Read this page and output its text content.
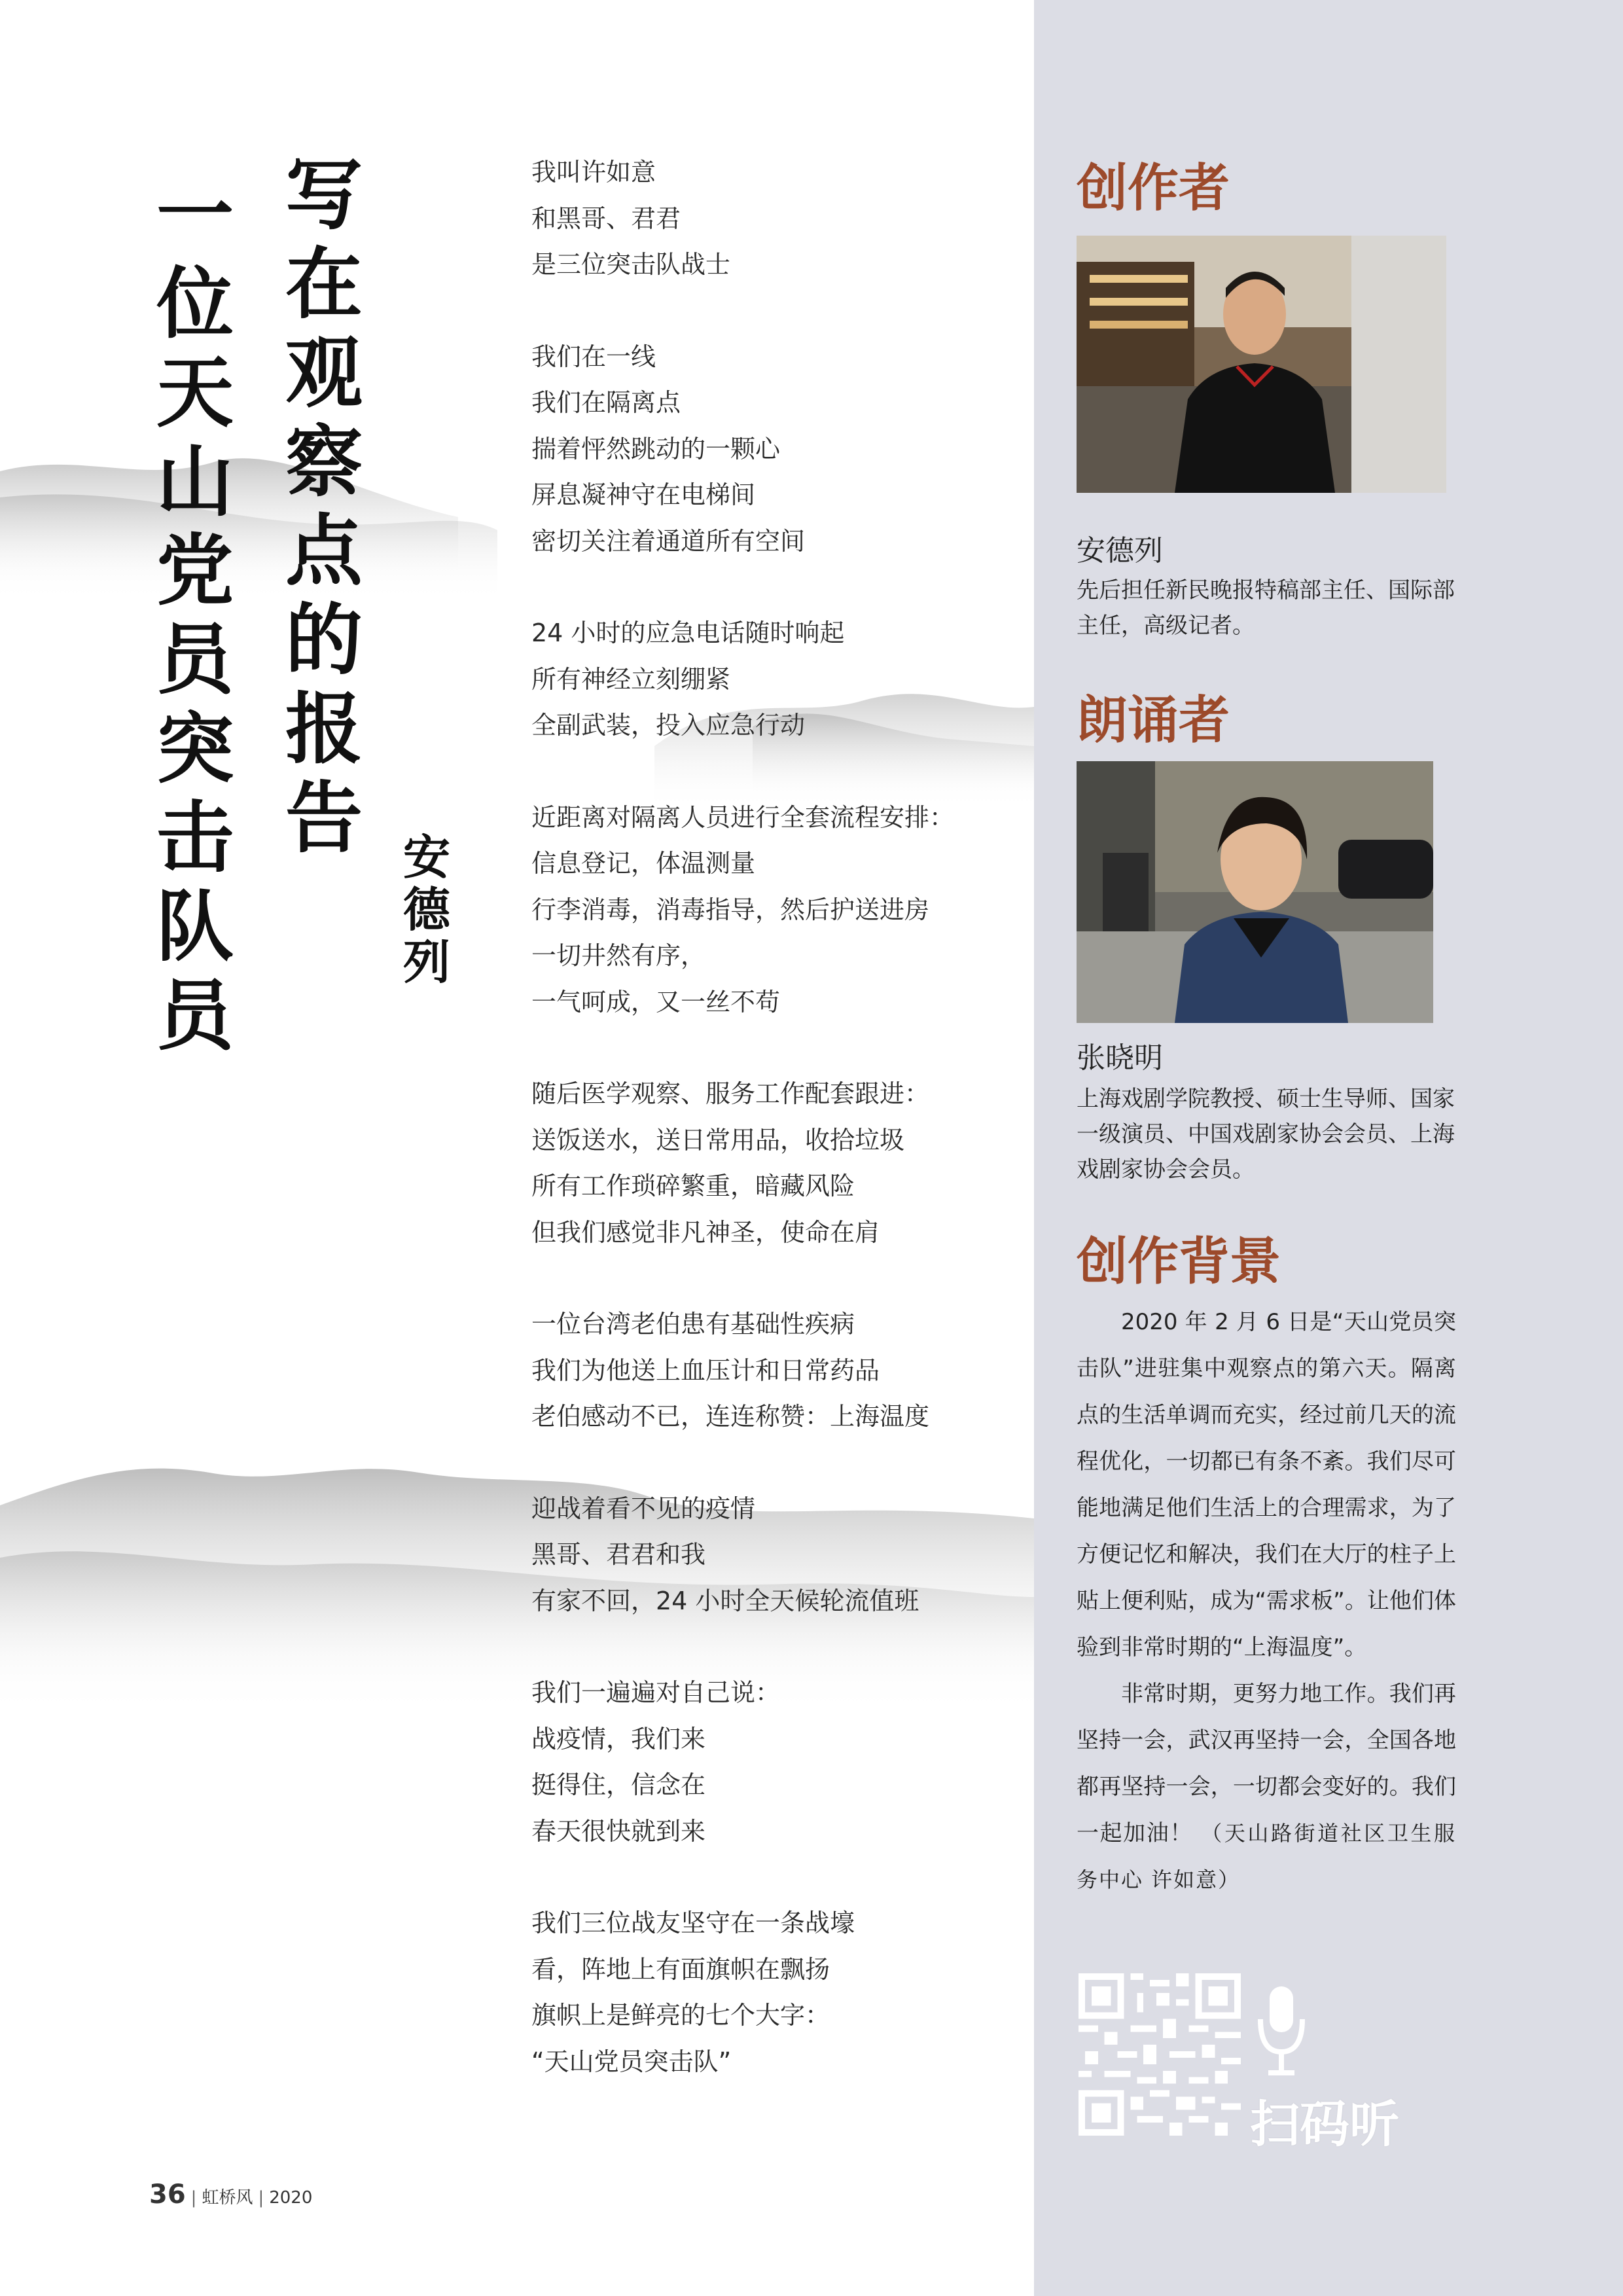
写在观察点的报告
一位天山党员突击队员
安德列
我叫许如意
和黑哥、君君
是三位突击队战士
我们在一线
我们在隔离点
揣着怦然跳动的一颗心
屏息凝神守在电梯间
密切关注着通道所有空间
24 小时的应急电话随时响起
所有神经立刻绷紧
全副武装，投入应急行动
近距离对隔离人员进行全套流程安排：
信息登记，体温测量
行李消毒，消毒指导，然后护送进房
一切井然有序，
一气呵成，又一丝不苟
随后医学观察、服务工作配套跟进：
送饭送水，送日常用品，收拾垃圾
所有工作琐碎繁重，暗藏风险
但我们感觉非凡神圣，使命在肩
一位台湾老伯患有基础性疾病
我们为他送上血压计和日常药品
老伯感动不已，连连称赞：上海温度
迎战着看不见的疫情
黑哥、君君和我
有家不回，24 小时全天候轮流值班
我们一遍遍对自己说：
战疫情，我们来
挺得住，信念在
春天很快就到来
我们三位战友坚守在一条战壕
看，阵地上有面旗帜在飘扬
旗帜上是鲜亮的七个大字：
“天山党员突击队”
36 | 虹桥风 | 2020
创作者
安德列
先后担任新民晚报特稿部主任、国际部主任，高级记者。
朗诵者
张晓明
上海戏剧学院教授、硕士生导师、国家一级演员、中国戏剧家协会会员、上海戏剧家协会会员。
创作背景

2020 年 2 月 6 日是“天山党员突击队”进驻集中观察点的第六天。隔离点的生活单调而充实，经过前几天的流程优化，一切都已有条不紊。我们尽可能地满足他们生活上的合理需求，为了方便记忆和解决，我们在大厅的柱子上贴上便利贴，成为“需求板”。让他们体验到非常时期的“上海温度”。

非常时期，更努力地工作。我们再坚持一会，武汉再坚持一会，全国各地都再坚持一会，一切都会变好的。我们一起加油！ （天山路街道社区卫生服务中心 许如意）

扫码听
